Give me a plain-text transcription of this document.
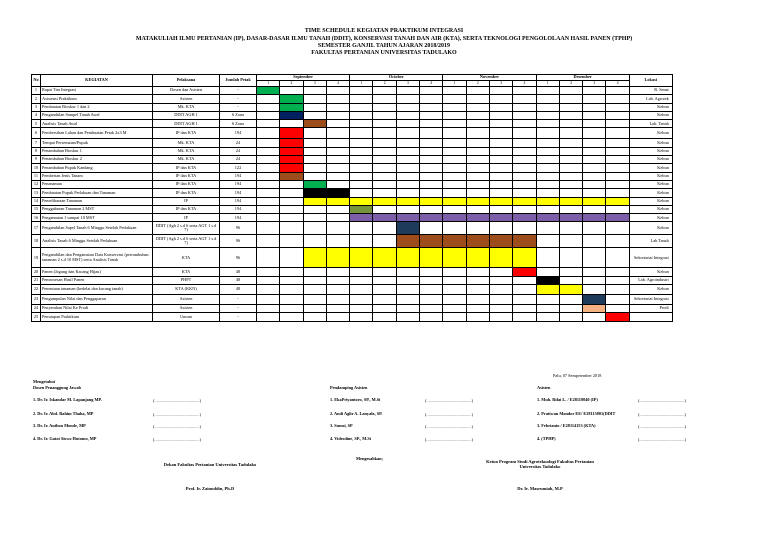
TIME SCHEDULE KEGIATAN PRAKTIKUM INTEGRASI
MATAKULIAH ILMU PERTANIAN (IP), DASAR-DASAR ILMU TANAH (DDIT), KONSERVASI TANAH DAN AIR (KTA), SERTA TEKNOLOGI PENGOLOLAAN HASIL PANEN (TPHP)
SEMESTER GANJIL TAHUN AJARAN 2018/2019
FAKULTAS PERTANIAN UNIVERSITAS TADULAKO
No	KEGIATAN	Pelaksana	Jumlah Petak	September				October				November				Desember				Lokasi
				1	2	3	4	1	2	3	4	1	2	3	4	1	2	3	4	
1	Rapat Tim Integrasi	Dosen dan Asisten	-																	R. Senat
2	Asistensi Praktikum	Asisten	-																	Lab. Agrotek
3	Pembuatan Bioskur 1 dan 2	Mk. KTA	-																	Kebun
4	Pengambilan Sampel Tanah Awal	DDIT AGH 1	6 Zona																	Kebun
5	Analisis Tanah Awal	DDIT AGH 1	6 Zona																	Lab. Tanah
6	Pembersihan Lahan dan Pembuatan Petak 2x3 M	IP dan KTA	194																	Kebun
7	Tempat Persemaian/Pupuk	Mk. KTA	24																	Kebun
8	Penambahan Bioskur 1	Mk. KTA	24																	Kebun
9	Penambahan Bioskur 2	Mk. KTA	24																	Kebun
10	Penambahan Pupuk Kandang	IP dan KTA	122																	Kebun
11	Pemberian Jenis Tanam	IP dan KTA	194																	Kebun
12	Penanaman	IP dan KTA	194																	Kebun
13	Pembuatan Pupuk Perlakuan dan Tanaman	IP dan KTA	194																	Kebun
14	Pemeliharaan Tanaman	IP	194																	Kebun
15	Penggaburan Tanaman 2 MST	IP dan KTA	194																	Kebun
16	Pengamatan 1 sampai 10 MST	IP	194																	Kebun
17	Pengambilan Sapel Tanah 6 Minggu Setelah Perlakuan	DDIT (Agh 2 s.d 6 serta AGT 1 s.d 7)	96																	Kebun
18	Analisis Tanah 6 Minggu Setelah Perlakuan	DDIT (Agh 2 s.d 6 serta AGT 1 s.d 7)	96																	Lab Tanah
19	Pengambilan dan Pengamatan Data Konservasi (pertumbuhan tanaman 2 s.d 10 MST) serta Analisis Tanah	KTA	96																	Sekretariat Integrasi
20	Panen (Jagung dan Kacang Hijau)	KTA	48																	Kebun
21	Pemrosesan Hasil Panen	PHPT	48																	Lab. Agroindustri
22	Penentuan tanaman (kedelai dan kacang tanah)	KTA (KKN)	48																	Kebun
23	Pengumpulan Nilai dan Penggaparan	Asisten	-																	Sekretariat Integrasi
24	Penyerahan Nilai Ke Prodi	Asisten	-																	Prodi
25	Penutupan Praktikum	Umum	-																	
Palu, 07 Sempetember 2018
Mengetahui
Dosen Penanggung Jawab	Pendamping Asisten	Asisten
1. Dr. Ir. Iskandar M. Lapanjang MP.	(..........................................)	1. EkaPriyantoro, SP., M.Si	(..........................................)	1. Muh. Rifai L. / E28118040 (IP)	(..........................................)
2. Dr. Ir. Abd. Rahim Thaha, MP	(..........................................)	2. Andi Aglir A. Lanyala, SP.	(..........................................)	2. Pratiwan Mondor EE/ E28115001(DDIT	(..........................................)
3. Dr. Ir. Anthon Monde, MP	(..........................................)	3. Sumsi, SP	(..........................................)	3. Febrianto / E28114153 (KTA)	(..........................................)
4. Dr. Ir. Gatot Siswo Hutomo, MP	(..........................................)	4. Videsdine, SP., M.Si	(..........................................)	4. (TPHP)	(..........................................)
Mengesahkan;
Dekan Fakultas Pertanian Universitas Tadulako
Ketua Program Studi Agroteknologi Fakultas Pertanian Universitas Tadulako
Prof. Ir. Zainuddin, Ph.D	Dr. Ir. Masrumiah, M.P
